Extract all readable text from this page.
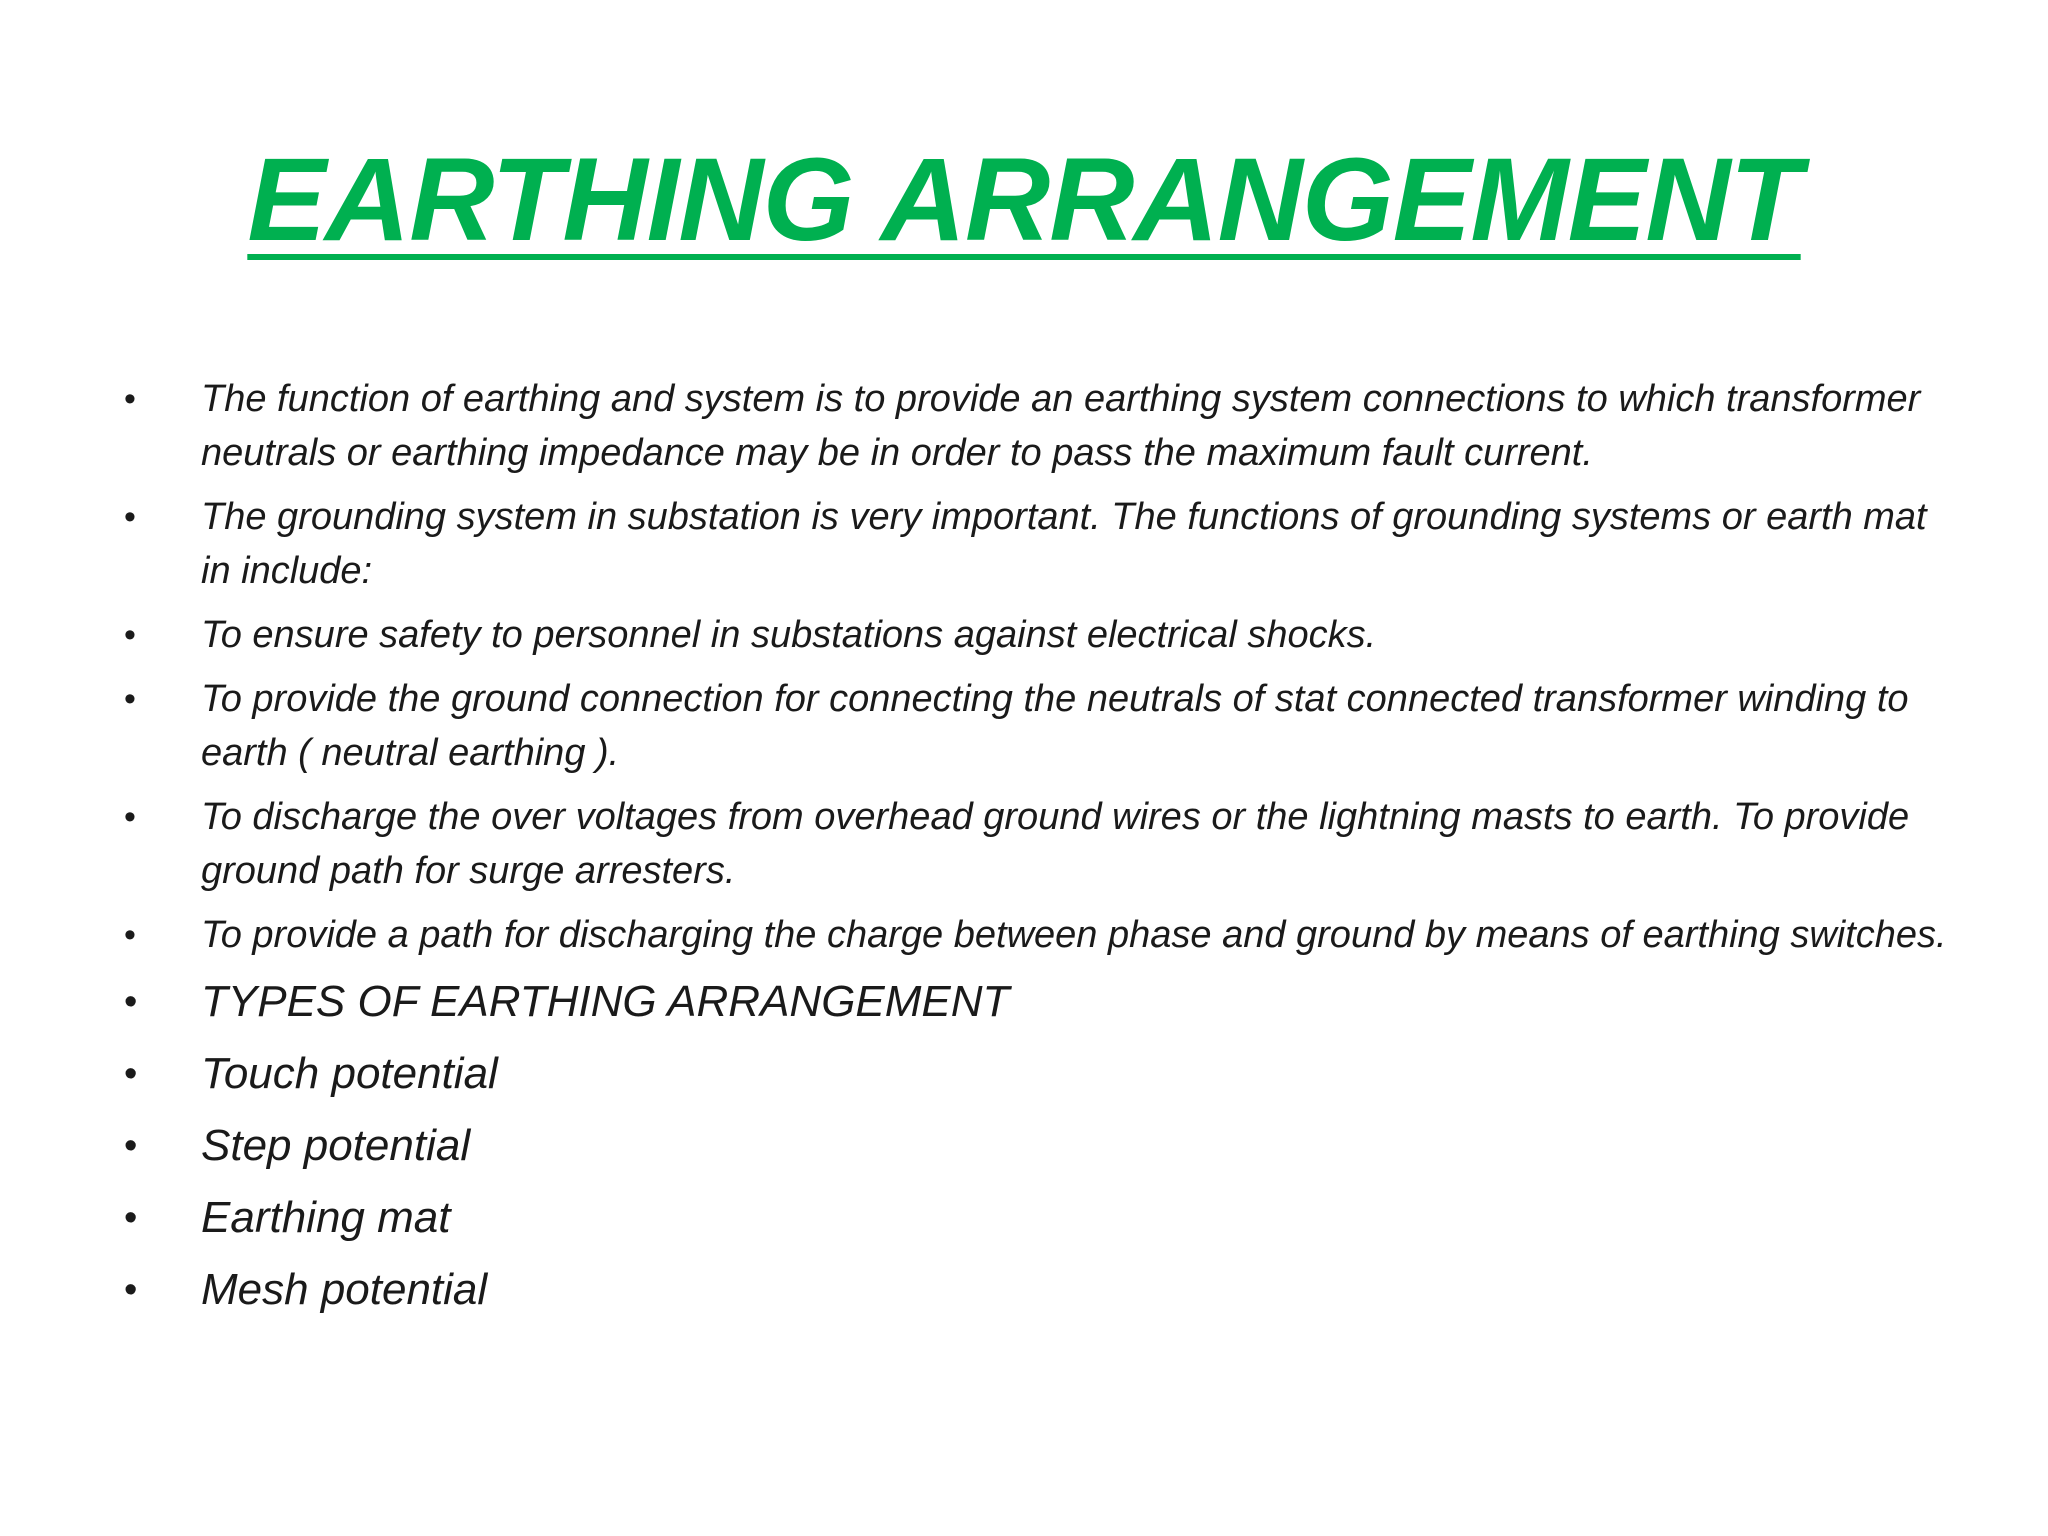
EARTHING ARRANGEMENT
• The function of earthing and system is to provide an earthing system connections to which transformer neutrals or earthing impedance may be in order to pass the maximum fault current.
• The grounding system in substation is very important. The functions of grounding systems or earth mat in include:
• To ensure safety to personnel in substations against electrical shocks.
• To provide the ground connection for connecting the neutrals of stat connected transformer winding to earth ( neutral earthing ).
• To discharge the over voltages from overhead ground wires or the lightning masts to earth. To provide ground path for surge arresters.
• To provide a path for discharging the charge between phase and ground by means of earthing switches.
• TYPES OF EARTHING ARRANGEMENT
• Touch potential
• Step potential
• Earthing mat
• Mesh potential
